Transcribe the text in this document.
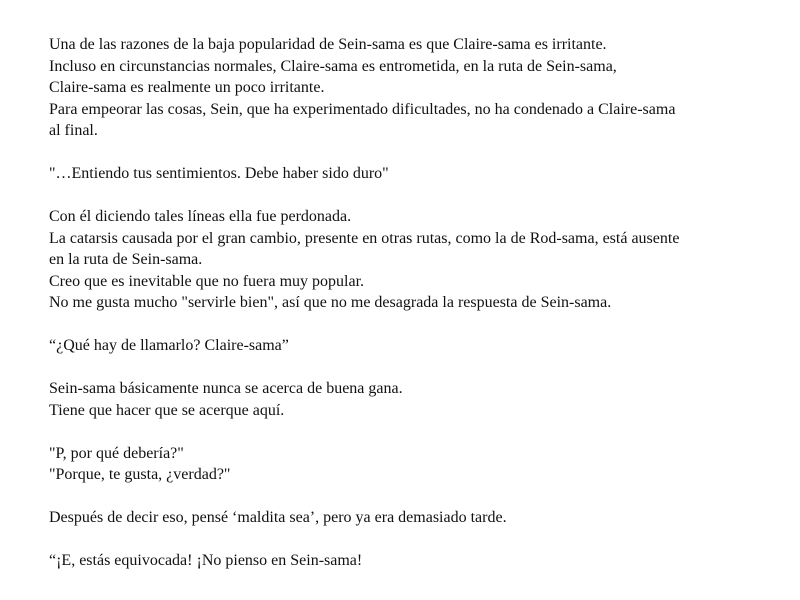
Una de las razones de la baja popularidad de Sein-sama es que Claire-sama es irritante.
Incluso en circunstancias normales, Claire-sama es entrometida, en la ruta de Sein-sama,
Claire-sama es realmente un poco irritante.
Para empeorar las cosas, Sein, que ha experimentado dificultades, no ha condenado a Claire-sama
al final.

"…Entiendo tus sentimientos. Debe haber sido duro"

Con él diciendo tales líneas ella fue perdonada.
La catarsis causada por el gran cambio, presente en otras rutas, como la de Rod-sama, está ausente
en la ruta de Sein-sama.
Creo que es inevitable que no fuera muy popular.
No me gusta mucho "servirle bien", así que no me desagrada la respuesta de Sein-sama.

“¿Qué hay de llamarlo? Claire-sama”

Sein-sama básicamente nunca se acerca de buena gana.
Tiene que hacer que se acerque aquí.

"P, por qué debería?"
"Porque, te gusta, ¿verdad?"

Después de decir eso, pensé ‘maldita sea’, pero ya era demasiado tarde.

“¡E, estás equivocada! ¡No pienso en Sein-sama!
